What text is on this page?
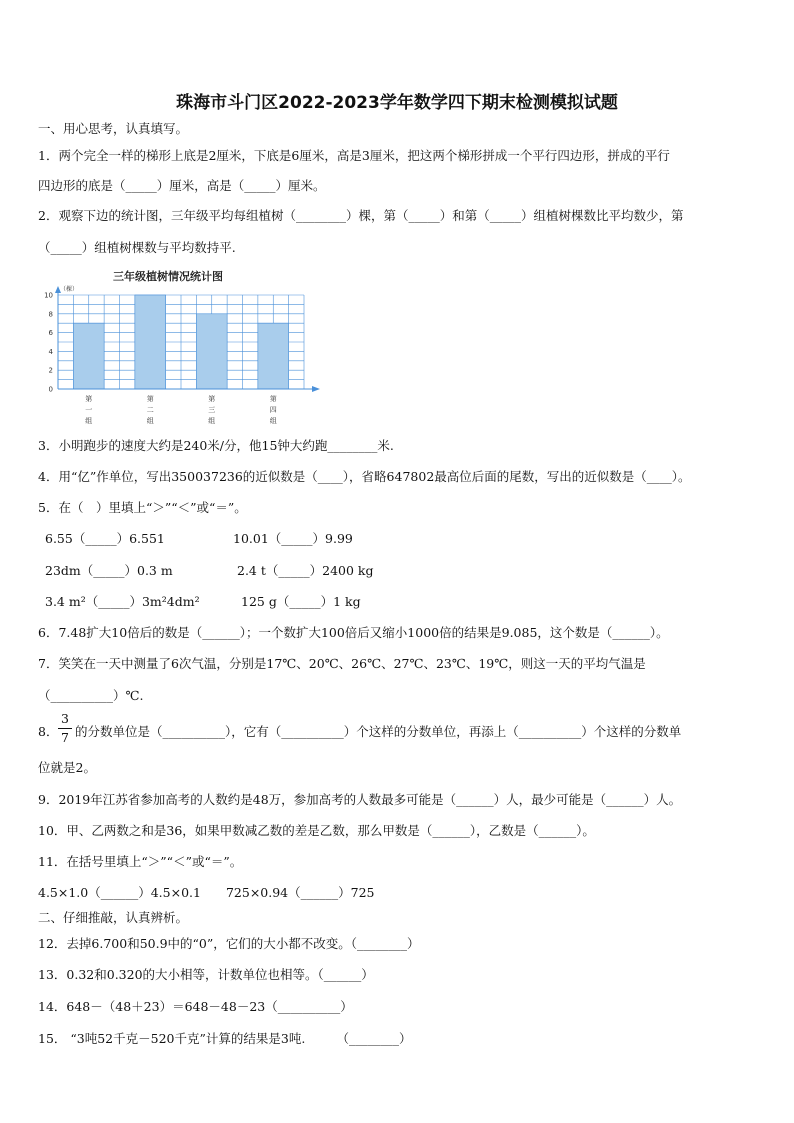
珠海市斗门区2022-2023学年数学四下期末检测模拟试题
一、用心思考，认真填写。
1．两个完全一样的梯形上底是2厘米，下底是6厘米，高是3厘米，把这两个梯形拼成一个平行四边形，拼成的平行
四边形的底是（_____）厘米，高是（_____）厘米。
2．观察下边的统计图，三年级平均每组植树（________）棵，第（_____）和第（_____）组植树棵数比平均数少，第
（_____）组植树棵数与平均数持平.
三年级植树情况统计图
（棵）
0
2
4
6
8
10
第一组
第二组
第三组
第四组
3．小明跑步的速度大约是240米/分，他15钟大约跑________米.
4．用“亿”作单位，写出350037236的近似数是（____），省略647802最高位后面的尾数，写出的近似数是（____）。
5．在（　）里填上“＞”“＜”或“＝”。
6.55（_____）6.551	10.01（_____）9.99
23dm（_____）0.3 m	2.4 t（_____）2400 kg
3.4 m²（_____）3m²4dm²	125 g（_____）1 kg
6．7.48扩大10倍后的数是（______）；一个数扩大100倍后又缩小1000倍的结果是9.085，这个数是（______）。
7．笑笑在一天中测量了6次气温，分别是17℃、20℃、26℃、27℃、23℃、19℃，则这一天的平均气温是
（__________）℃.
8．
3
7 的分数单位是（__________），它有（__________）个这样的分数单位，再添上（__________）个这样的分数单
位就是2。
9．2019年江苏省参加高考的人数约是48万，参加高考的人数最多可能是（______）人，最少可能是（______）人。
10．甲、乙两数之和是36，如果甲数减乙数的差是乙数，那么甲数是（______），乙数是（______）。
11．在括号里填上“＞”“＜”或“＝”。
4.5×1.0（______）4.5×0.1　　725×0.94（______）725
二、仔细推敲，认真辨析。
12．去掉6.700和50.9中的“0”，它们的大小都不改变。（________）
13．0.32和0.320的大小相等，计数单位也相等。（______）
14．648－（48＋23）＝648－48－23（__________）
15． “3吨52千克－520千克”计算的结果是3吨.　　　（________）
